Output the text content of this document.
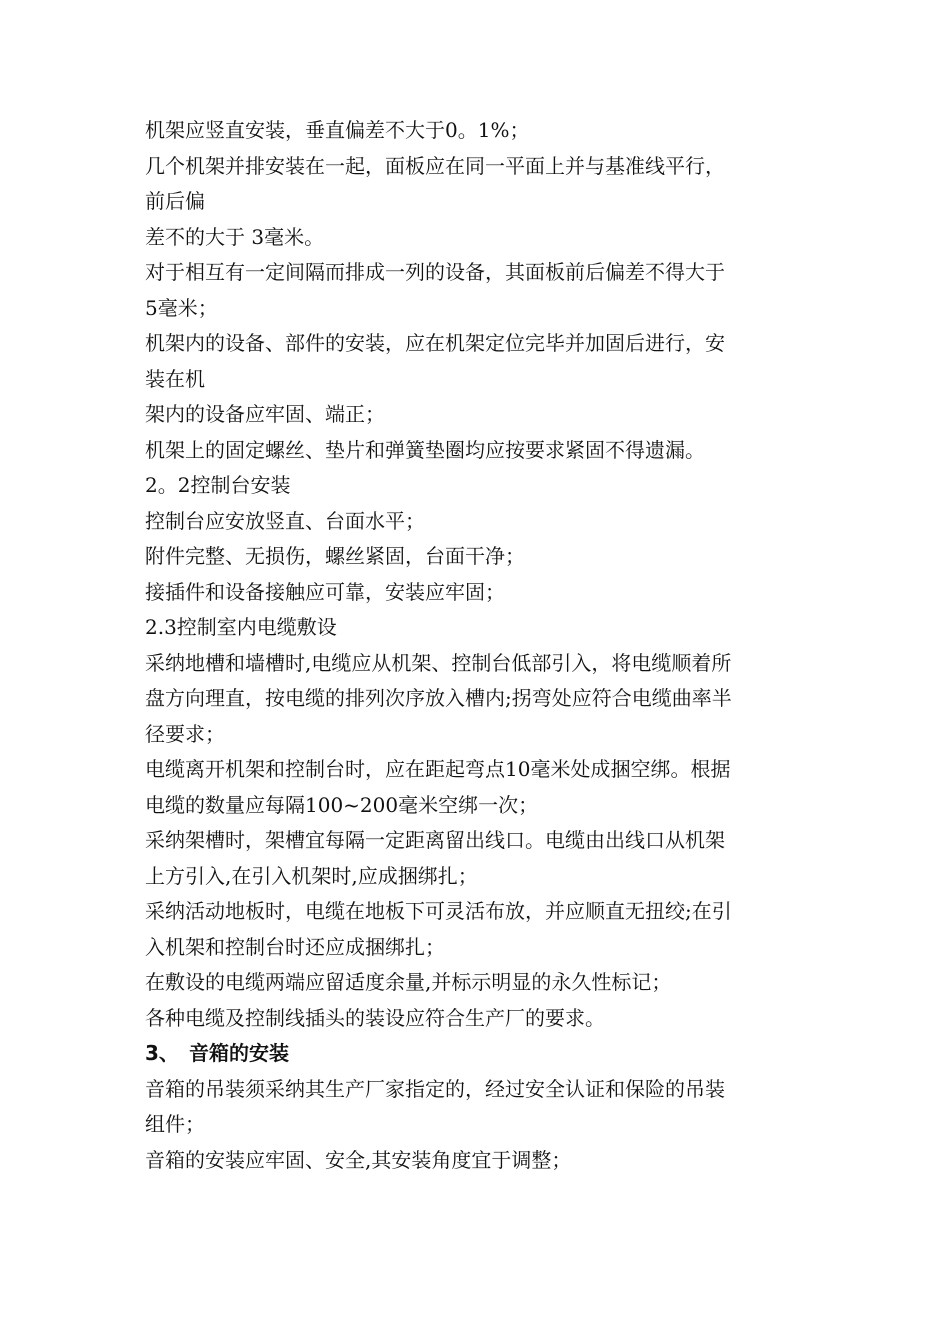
机架应竖直安装，垂直偏差不大于0。1%；
几个机架并排安装在一起，面板应在同一平面上并与基准线平行，
前后偏
差不的大于 3毫米。
对于相互有一定间隔而排成一列的设备，其面板前后偏差不得大于
5毫米；
机架内的设备、部件的安装，应在机架定位完毕并加固后进行，安
装在机
架内的设备应牢固、端正；
机架上的固定螺丝、垫片和弹簧垫圈均应按要求紧固不得遗漏。
2。2控制台安装
控制台应安放竖直、台面水平；
附件完整、无损伤，螺丝紧固，台面干净；
接插件和设备接触应可靠，安装应牢固；
2.3控制室内电缆敷设
采纳地槽和墙槽时,电缆应从机架、控制台低部引入，将电缆顺着所
盘方向理直，按电缆的排列次序放入槽内;拐弯处应符合电缆曲率半
径要求；
电缆离开机架和控制台时，应在距起弯点10毫米处成捆空绑。根据
电缆的数量应每隔100~200毫米空绑一次；
采纳架槽时，架槽宜每隔一定距离留出线口。电缆由出线口从机架
上方引入,在引入机架时,应成捆绑扎；
采纳活动地板时，电缆在地板下可灵活布放，并应顺直无扭绞;在引
入机架和控制台时还应成捆绑扎；
在敷设的电缆两端应留适度余量,并标示明显的永久性标记；
各种电缆及控制线插头的装设应符合生产厂的要求。
3、 音箱的安装
音箱的吊装须采纳其生产厂家指定的，经过安全认证和保险的吊装
组件；
音箱的安装应牢固、安全,其安装角度宜于调整；
